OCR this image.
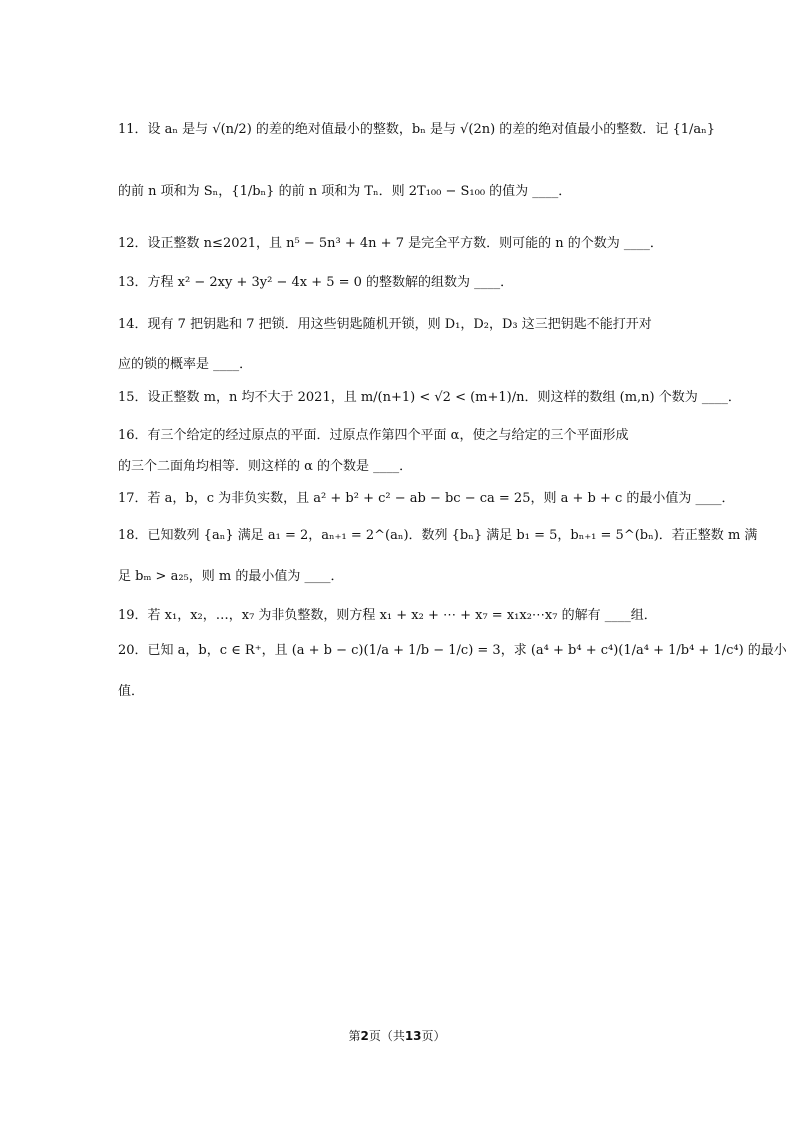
11．设 aₙ 是与 √(n/2) 的差的绝对值最小的整数，bₙ 是与 √(2n) 的差的绝对值最小的整数．记 {1/aₙ}
的前 n 项和为 Sₙ，{1/bₙ} 的前 n 项和为 Tₙ．则 2T₁₀₀ − S₁₀₀ 的值为 ____．
12．设正整数 n≤2021，且 n⁵ − 5n³ + 4n + 7 是完全平方数．则可能的 n 的个数为 ____．
13．方程 x² − 2xy + 3y² − 4x + 5 = 0 的整数解的组数为 ____．
14．现有 7 把钥匙和 7 把锁．用这些钥匙随机开锁，则 D₁，D₂，D₃ 这三把钥匙不能打开对
应的锁的概率是 ____．
15．设正整数 m，n 均不大于 2021，且 m/(n+1) < √2 < (m+1)/n．则这样的数组 (m,n) 个数为 ____．
16．有三个给定的经过原点的平面．过原点作第四个平面 α，使之与给定的三个平面形成
的三个二面角均相等．则这样的 α 的个数是 ____．
17．若 a，b，c 为非负实数，且 a² + b² + c² − ab − bc − ca = 25，则 a + b + c 的最小值为 ____．
18．已知数列 {aₙ} 满足 a₁ = 2，aₙ₊₁ = 2^(aₙ)．数列 {bₙ} 满足 b₁ = 5，bₙ₊₁ = 5^(bₙ)．若正整数 m 满
足 bₘ > a₂₅，则 m 的最小值为 ____．
19．若 x₁，x₂，…，x₇ 为非负整数，则方程 x₁ + x₂ + ⋯ + x₇ = x₁x₂⋯x₇ 的解有 ____组．
20．已知 a，b，c ∈ R⁺，且 (a + b − c)(1/a + 1/b − 1/c) = 3，求 (a⁴ + b⁴ + c⁴)(1/a⁴ + 1/b⁴ + 1/c⁴) 的最小
值．
第2页（共13页）
